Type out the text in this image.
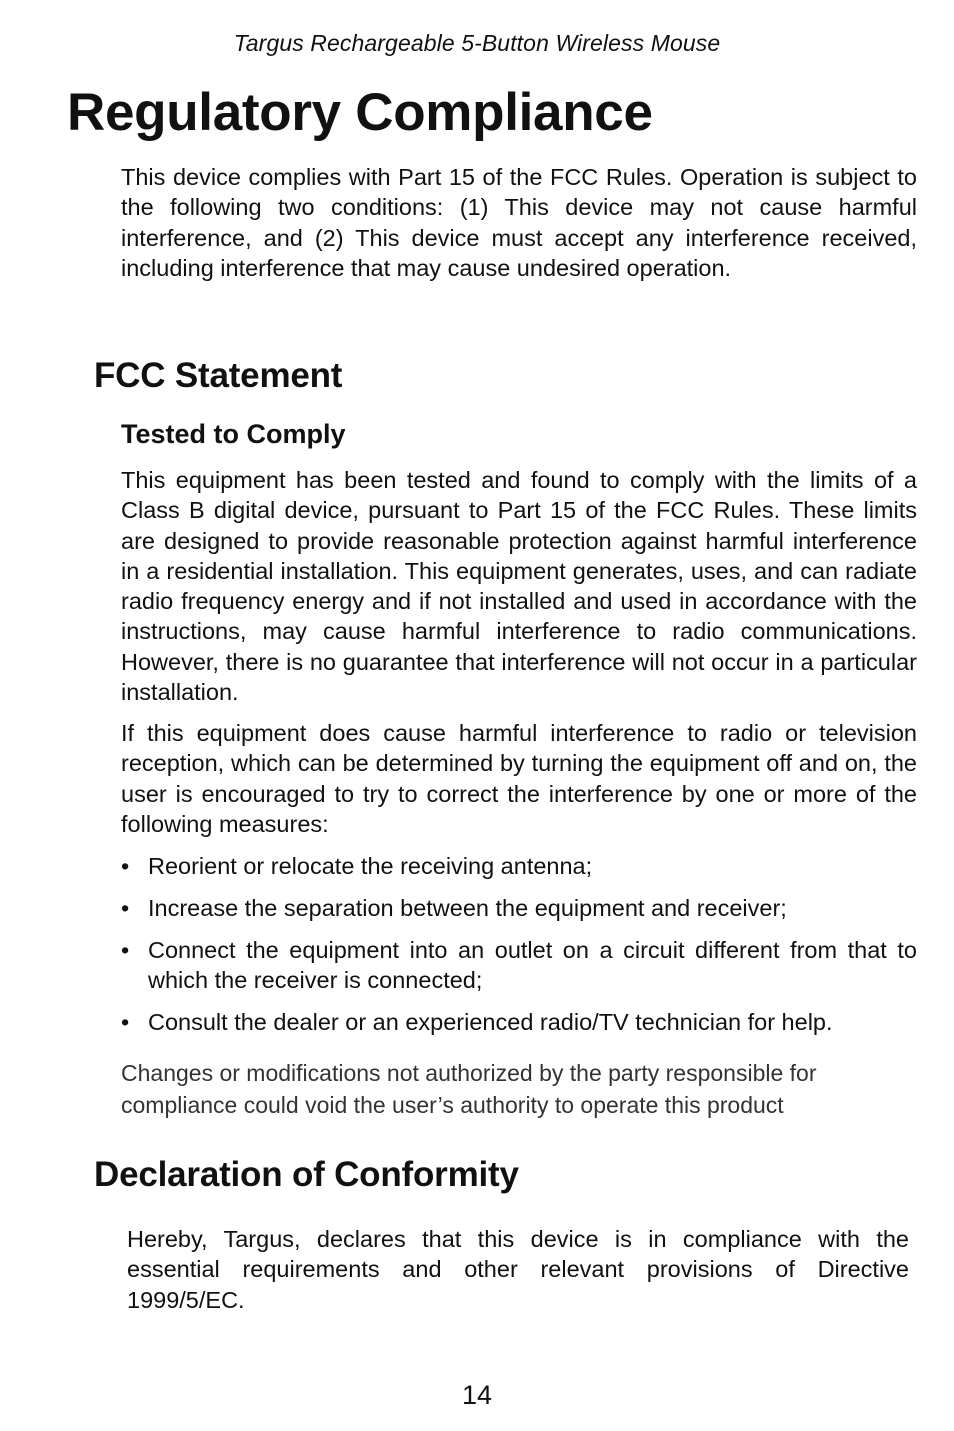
Targus Rechargeable 5-Button Wireless Mouse
Regulatory Compliance

This device complies with Part 15 of the FCC Rules. Operation is subject to the following two conditions: (1) This device may not cause harmful interference, and (2) This device must accept any interference received, including interference that may cause undesired operation.

FCC Statement
Tested to Comply

This equipment has been tested and found to comply with the limits of a Class B digital device, pursuant to Part 15 of the FCC Rules. These limits are designed to provide reasonable protection against harmful interference in a residential installation. This equipment generates, uses, and can radiate radio frequency energy and if not installed and used in accordance with the instructions, may cause harmful interference to radio communications. However, there is no guarantee that interference will not occur in a particular installation.

If this equipment does cause harmful interference to radio or television reception, which can be determined by turning the equipment off and on, the user is encouraged to try to correct the interference by one or more of the following measures:

• Reorient or relocate the receiving antenna;
• Increase the separation between the equipment and receiver;
• Connect the equipment into an outlet on a circuit different from that to which the receiver is connected;
• Consult the dealer or an experienced radio/TV technician for help.

Changes or modifications not authorized by the party responsible for compliance could void the user’s authority to operate this product

Declaration of Conformity

Hereby, Targus, declares that this device is in compliance with the essential requirements and other relevant provisions of Directive 1999/5/EC.

14
